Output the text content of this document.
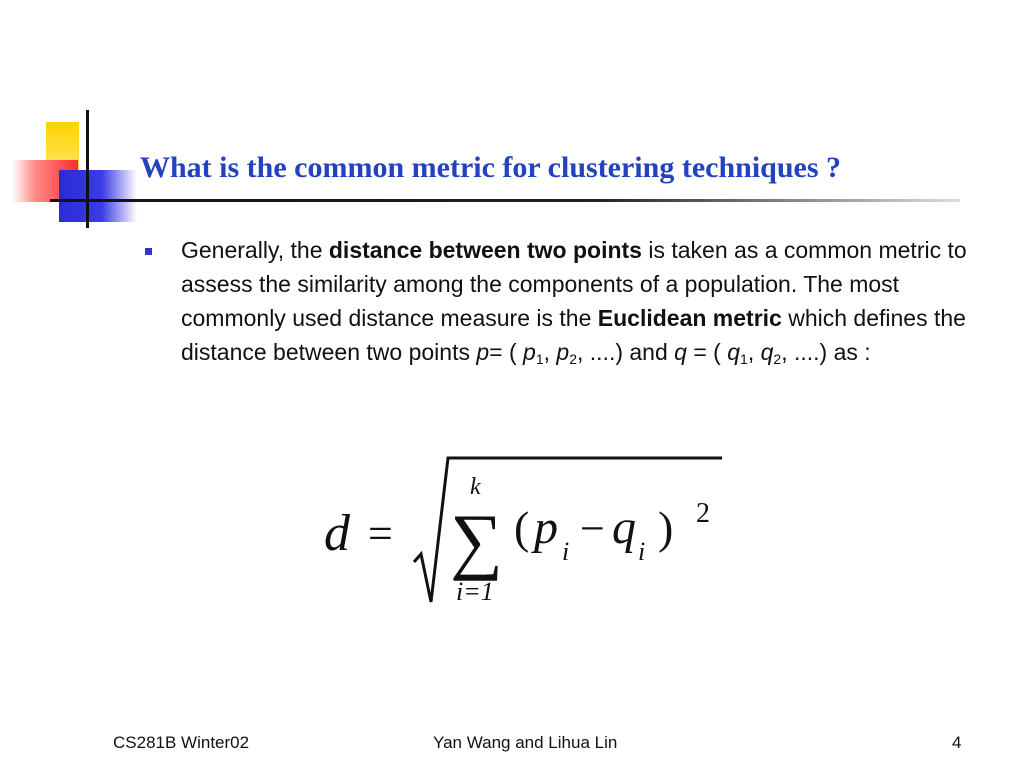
What is the common metric for clustering techniques ?
Generally, the distance between two points is taken as a common metric to assess the similarity among the components of a population. The most commonly used distance measure is the Euclidean metric which defines the distance between two points p= ( $p_1$, $p_2$, ....) and q = ( $q_1$, $q_2$, ....) as :
d =
k
∑
i=1
( p i − q i ) 2
CS281B Winter02	Yan Wang and Lihua Lin	4
